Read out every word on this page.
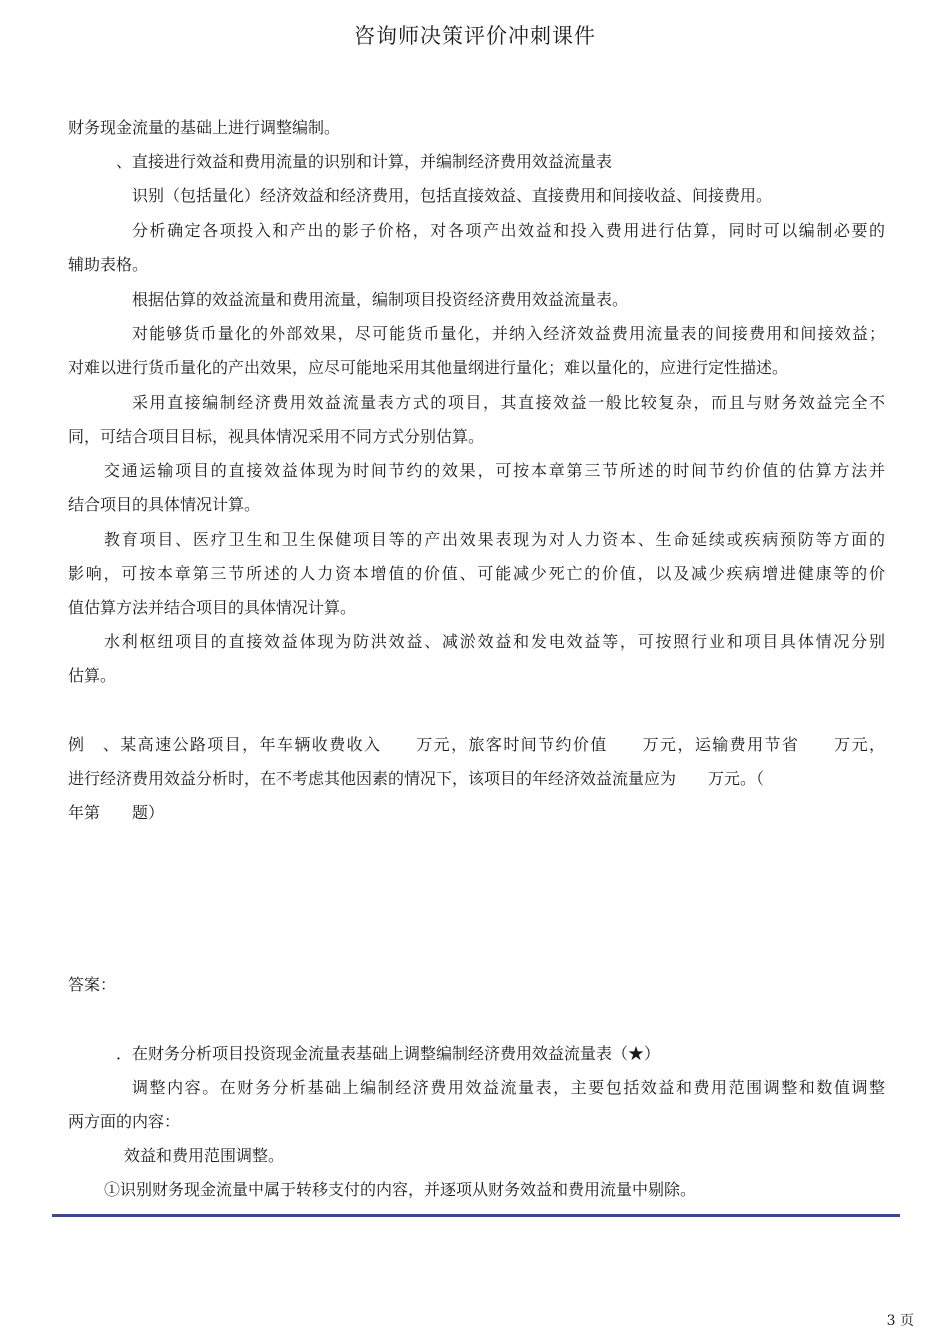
咨询师决策评价冲刺课件
财务现金流量的基础上进行调整编制。
、直接进行效益和费用流量的识别和计算，并编制经济费用效益流量表
识别（包括量化）经济效益和经济费用，包括直接效益、直接费用和间接收益、间接费用。
分析确定各项投入和产出的影子价格，对各项产出效益和投入费用进行估算，同时可以编制必要的
辅助表格。
根据估算的效益流量和费用流量，编制项目投资经济费用效益流量表。
对能够货币量化的外部效果，尽可能货币量化，并纳入经济效益费用流量表的间接费用和间接效益；
对难以进行货币量化的产出效果，应尽可能地采用其他量纲进行量化；难以量化的，应进行定性描述。
采用直接编制经济费用效益流量表方式的项目，其直接效益一般比较复杂，而且与财务效益完全不
同，可结合项目目标，视具体情况采用不同方式分别估算。
交通运输项目的直接效益体现为时间节约的效果，可按本章第三节所述的时间节约价值的估算方法并
结合项目的具体情况计算。
教育项目、医疗卫生和卫生保健项目等的产出效果表现为对人力资本、生命延续或疾病预防等方面的
影响，可按本章第三节所述的人力资本增值的价值、可能减少死亡的价值，以及减少疾病增进健康等的价
值估算方法并结合项目的具体情况计算。
水利枢纽项目的直接效益体现为防洪效益、减淤效益和发电效益等，可按照行业和项目具体情况分别
估算。
例　、某高速公路项目，年车辆收费收入　　万元，旅客时间节约价值　　万元，运输费用节省　　万元，
进行经济费用效益分析时，在不考虑其他因素的情况下，该项目的年经济效益流量应为　　万元。（
年第　　题）
答案：
．在财务分析项目投资现金流量表基础上调整编制经济费用效益流量表（★）
调整内容。在财务分析基础上编制经济费用效益流量表，主要包括效益和费用范围调整和数值调整
两方面的内容：
效益和费用范围调整。
①识别财务现金流量中属于转移支付的内容，并逐项从财务效益和费用流量中剔除。
3 页
